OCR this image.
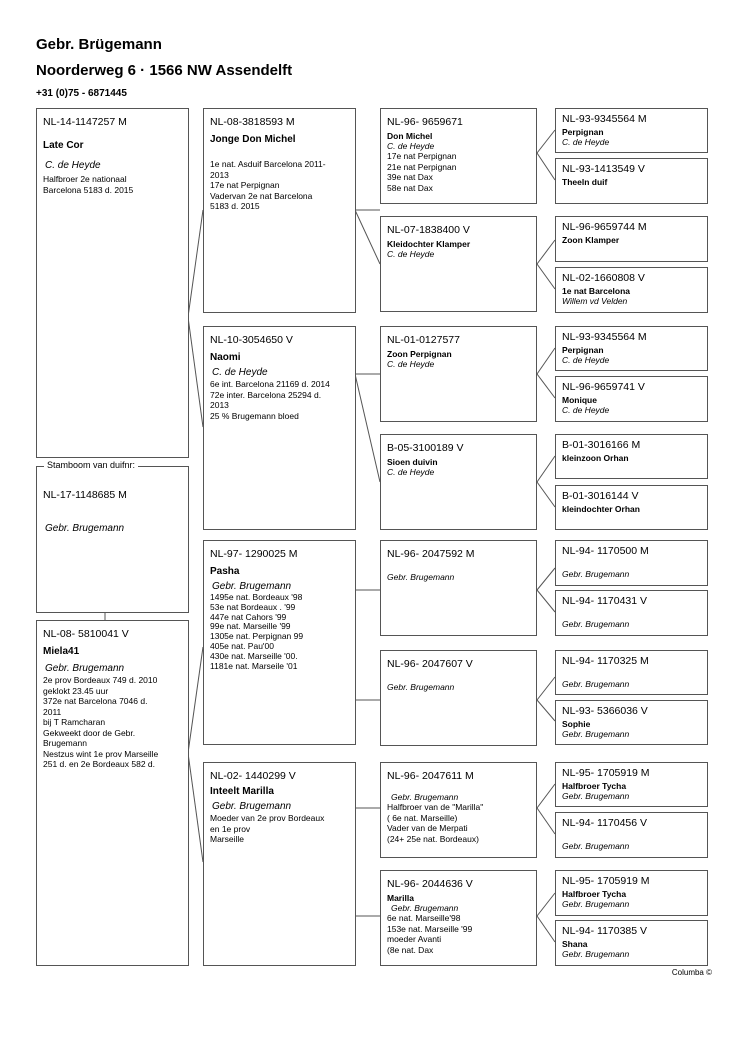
Gebr. Brügemann
Noorderweg 6 · 1566 NW Assendelft
+31 (0)75 - 6871445
NL-14-1147257 M
Late Cor
C. de Heyde
Halfbroer 2e nationaal
Barcelona 5183 d. 2015
NL-17-1148685 M
Gebr. Brugemann
Stamboom van duifnr:
NL-08- 5810041 V
Miela41
Gebr. Brugemann
2e prov Bordeaux 749 d. 2010
geklokt 23.45 uur
372e nat Barcelona 7046 d.
2011
bij T Ramcharan
Gekweekt door de Gebr.
Brugemann
Nestzus wint 1e prov Marseille
251 d. en 2e Bordeaux 582 d.
NL-08-3818593 M
Jonge Don Michel
1e nat. Asduif Barcelona 2011-
2013
17e nat Perpignan
Vadervan 2e nat Barcelona
5183 d. 2015
NL-10-3054650 V
Naomi
C. de Heyde
6e int. Barcelona 21169 d. 2014
72e inter. Barcelona 25294 d.
2013
25 % Brugemann bloed
NL-97- 1290025 M
Pasha
Gebr. Brugemann
1495e nat. Bordeaux '98
53e nat Bordeaux . '99
447e nat Cahors '99
99e nat. Marseille '99
1305e nat. Perpignan 99
405e nat. Pau'00
430e nat. Marseille '00.
1181e nat. Marseile '01
NL-02- 1440299 V
Inteelt Marilla
Gebr. Brugemann
Moeder van 2e prov Bordeaux
en 1e prov
Marseille
NL-96- 9659671
Don Michel
C. de Heyde
17e nat Perpignan
21e nat Perpignan
39e nat Dax
58e nat Dax
NL-07-1838400 V
Kleidochter Klamper
C. de Heyde
NL-01-0127577
Zoon Perpignan
C. de Heyde
B-05-3100189 V
Sioen duivin
C. de Heyde
NL-96- 2047592 M
Gebr. Brugemann
NL-96- 2047607 V
Gebr. Brugemann
NL-96- 2047611 M
Gebr. Brugemann
Halfbroer van de "Marilla"
( 6e nat. Marseille)
Vader van de Merpati
(24+ 25e nat. Bordeaux)
NL-96- 2044636 V
Marilla
Gebr. Brugemann
6e nat. Marseille'98
153e nat. Marseille '99
moeder Avanti
(8e nat. Dax
NL-93-9345564 M
Perpignan
C. de Heyde
NL-93-1413549 V
Theeln duif
NL-96-9659744 M
Zoon Klamper
NL-02-1660808 V
1e nat Barcelona
Willem vd Velden
NL-93-9345564 M
Perpignan
C. de Heyde
NL-96-9659741 V
Monique
C. de Heyde
B-01-3016166 M
kleinzoon Orhan
B-01-3016144 V
kleindochter Orhan
NL-94- 1170500 M
Gebr. Brugemann
NL-94- 1170431 V
Gebr. Brugemann
NL-94- 1170325 M
Gebr. Brugemann
NL-93- 5366036 V
Sophie
Gebr. Brugemann
NL-95- 1705919 M
Halfbroer Tycha
Gebr. Brugemann
NL-94- 1170456 V
Gebr. Brugemann
NL-95- 1705919 M
Halfbroer Tycha
Gebr. Brugemann
NL-94- 1170385 V
Shana
Gebr. Brugemann
Columba ©
